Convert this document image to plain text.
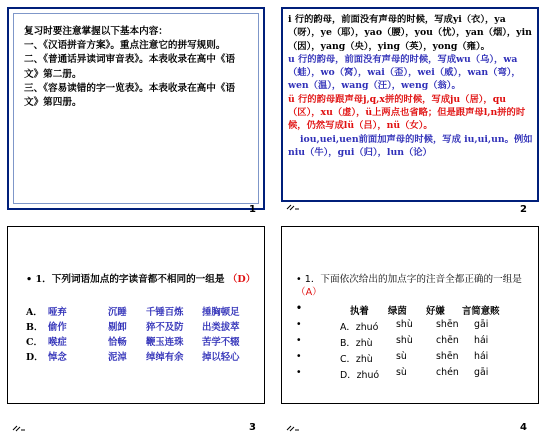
复习时要注意掌握以下基本内容：
一、《汉语拼音方案》。重点注意它的拼写规则。
二、《普通话异读词审音表》。本表收录在高中《语文》第二册。
三、《容易读错的字一览表》。本表收录在高中《语文》第四册。
1

i 行的韵母，前面没有声母的时候，写成yi（衣），ya（呀），ye（耶），yao（腰），you（忧），yan（烟），yin（因），yang（央），ying（英），yong（雍）。

u 行的韵母，前面没有声母的时候，写成wu（乌），wa（蛙），wo（窝），wai（歪），wei（威），wan（弯），wen（温），wang（汪），weng（翁）。

ü 行的韵母跟声母j,q,x拼的时候，写成ju（居），qu（区），xu（虚），ü上两点也省略；但是跟声母l,n拼的时候，仍然写成lü（吕），nü（女）。

iou,uei,uen前面加声母的时候，写成 iu,ui,un。例如niu（牛），gui（归），lun（论）

2
• 1．下列词语加点的字读音都不相同的一组是 （D）
A． 哑弃	沉睡 千锤百炼 捶胸顿足
B． 偷作	剔卸 猝不及防 出类拔萃
C． 喉症	恰畅 鞭玉连珠 苦学不辍
D． 悼念	泥淖 绰绰有余 掉以轻心
3
• 1．下面依次给出的加点字的注音全都正确的一组是 （A）
•	执着 绿茵 好嫌 言简意赅
•	A．zhuó shù shēn gāi
•	B．zhù shù chēn hái
•	C．zhù sù	shēn hái
•	D．zhuó sù	chén gāi
4
